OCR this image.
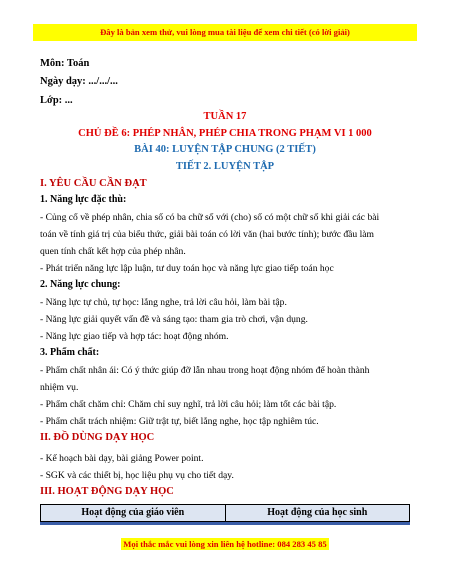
Đây là bản xem thử, vui lòng mua tài liệu để xem chi tiết (có lời giải)
Môn: Toán
Ngày dạy: .../.../...
Lớp: ...
TUẦN 17
CHỦ ĐỀ 6: PHÉP NHÂN, PHÉP CHIA TRONG PHẠM VI 1 000
BÀI 40: LUYỆN TẬP CHUNG (2 TIẾT)
TIẾT 2. LUYỆN TẬP
I. YÊU CẦU CẦN ĐẠT
1. Năng lực đặc thù:
- Củng cố về phép nhân, chia số có ba chữ số với (cho) số có một chữ số khi giải các bài
toán về tính giá trị của biểu thức, giải bài toán có lời văn (hai bước tính); bước đầu làm
quen tính chất kết hợp của phép nhân.
- Phát triển năng lực lập luận, tư duy toán học và năng lực giao tiếp toán học
2. Năng lực chung:
- Năng lực tự chủ, tự học: lắng nghe, trả lời câu hỏi, làm bài tập.
- Năng lực giải quyết vấn đề và sáng tạo: tham gia trò chơi, vận dụng.
- Năng lực giao tiếp và hợp tác: hoạt động nhóm.
3. Phẩm chất:
- Phẩm chất nhân ái: Có ý thức giúp đỡ lẫn nhau trong hoạt động nhóm để hoàn thành
nhiệm vụ.
- Phẩm chất chăm chỉ: Chăm chỉ suy nghĩ, trả lời câu hỏi; làm tốt các bài tập.
- Phẩm chất trách nhiệm: Giữ trật tự, biết lắng nghe, học tập nghiêm túc.
II. ĐỒ DÙNG DẠY HỌC
- Kế hoạch bài dạy, bài giảng Power point.
- SGK và các thiết bị, học liệu phụ vụ cho tiết dạy.
III. HOẠT ĐỘNG DẠY HỌC
Hoạt động của giáo viên	Hoạt động của học sinh
Mọi thắc mắc vui lòng xin liên hệ hotline: 084 283 45 85
